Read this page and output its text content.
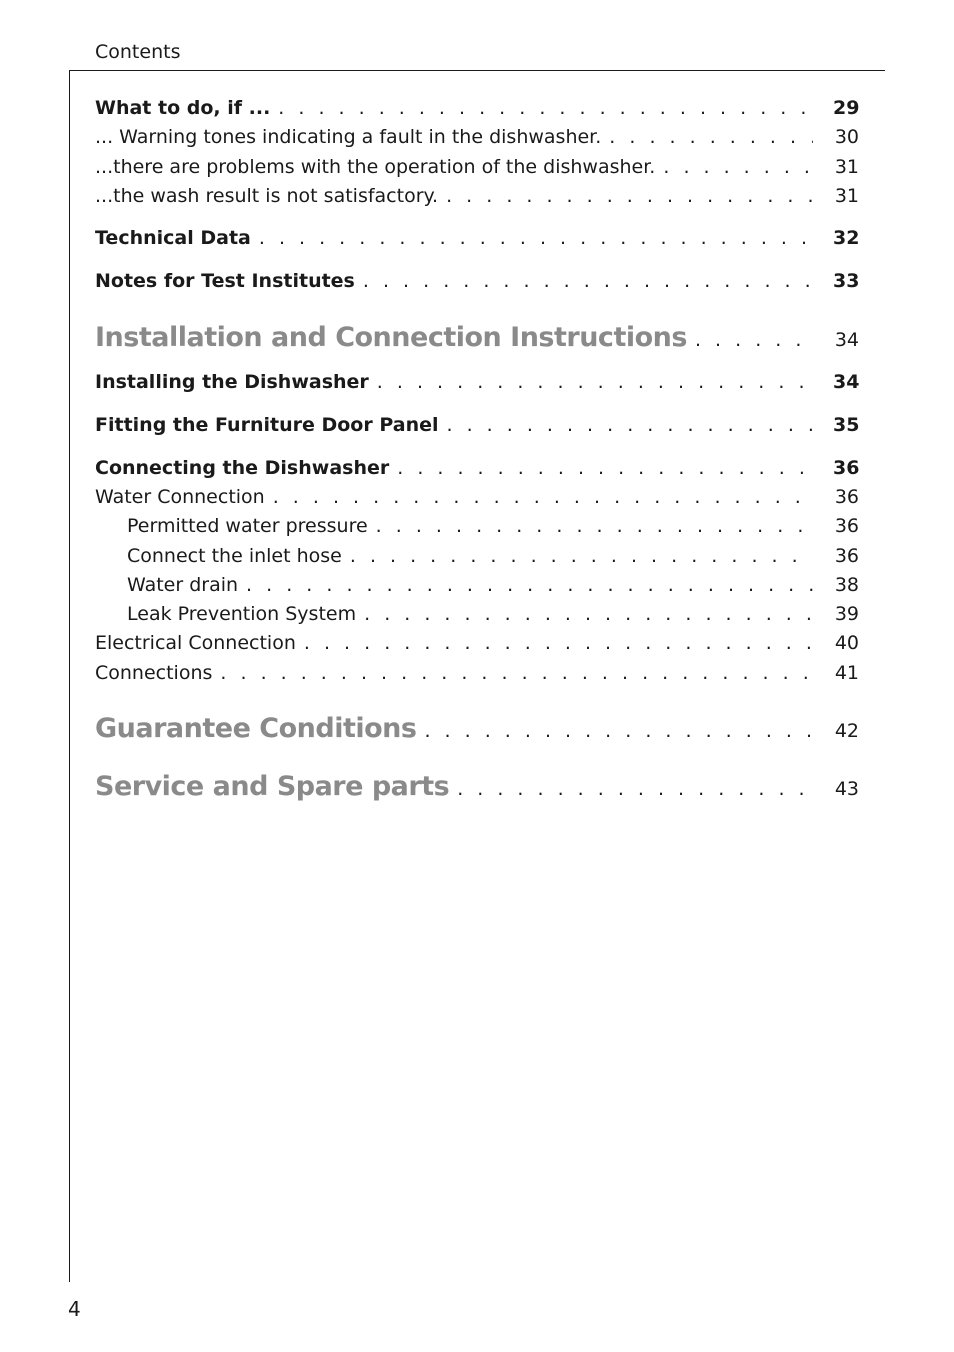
Contents
What to do, if ... . . .	29
... Warning tones indicating a fault in the dishwasher. . . .	30
...there are problems with the operation of the dishwasher. . . .	31
...the wash result is not satisfactory. . . .	31
Technical Data . . .	32
Notes for Test Institutes . . .	33
Installation and Connection Instructions . . .	34
Installing the Dishwasher . . .	34
Fitting the Furniture Door Panel . . .	35
Connecting the Dishwasher . . .	36
Water Connection . . .	36
Permitted water pressure . . .	36
Connect the inlet hose . . .	36
Water drain . . .	38
Leak Prevention System . . .	39
Electrical Connection . . .	40
Connections . . .	41
Guarantee Conditions . . .	42
Service and Spare parts . . .	43
4
